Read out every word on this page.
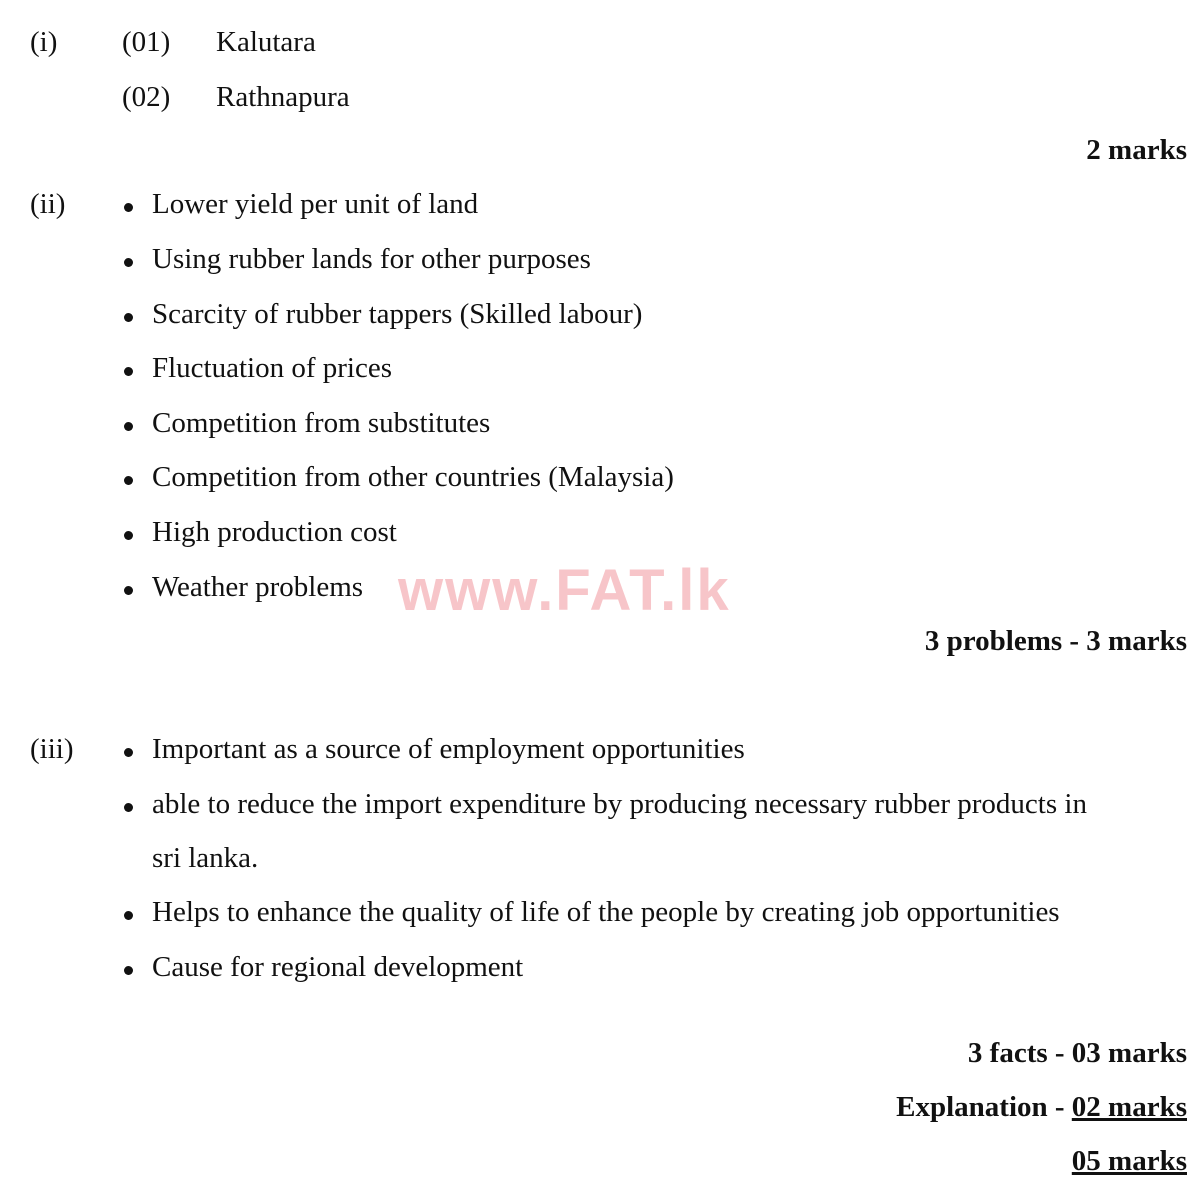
(i) (01) Kalutara
(02) Rathnapura
2 marks
(ii)	Lower yield per unit of land
Using rubber lands for other purposes
Scarcity of rubber tappers (Skilled labour)
Fluctuation of prices
Competition from substitutes
Competition from other countries (Malaysia)
High production cost
Weather problems www.FAT.lk
3 problems - 3 marks
(iii)	Important as a source of employment opportunities
able to reduce the import expenditure by producing necessary rubber products in
sri lanka.
Helps to enhance the quality of life of the people by creating job opportunities
Cause for regional development
3 facts - 03 marks
Explanation - 02 marks
05 marks
